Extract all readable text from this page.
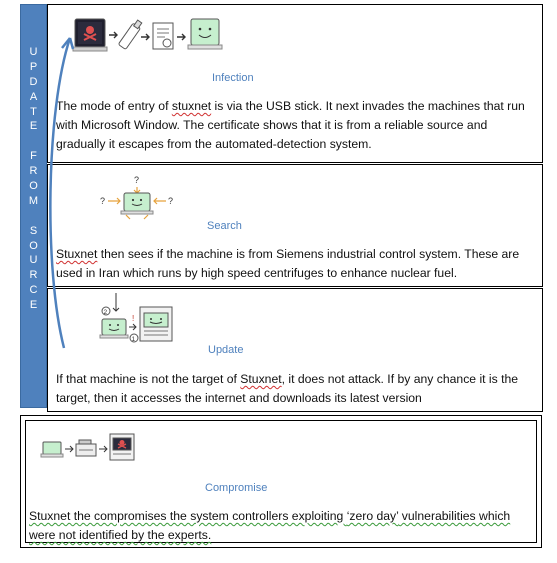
U
P
D
A
T
E
F
R
O
M
S
O
U
R
C
E
Infection
The mode of entry of stuxnet is via the USB stick. It next invades the machines that run with Microsoft Window. The certificate shows that it is from a reliable source and gradually it escapes from the automated-detection system.
?
?	?
Search
Stuxnet then sees if the machine is from Siemens industrial control system. These are used in Iran which runs by high speed centrifuges to enhance nuclear fuel.
2
!
1
Update
If that machine is not the target of Stuxnet, it does not attack. If by any chance it is the target, then it accesses the internet and downloads its latest version
Compromise
Stuxnet the compromises the system controllers exploiting ‘zero day’ vulnerabilities which were not identified by the experts.
